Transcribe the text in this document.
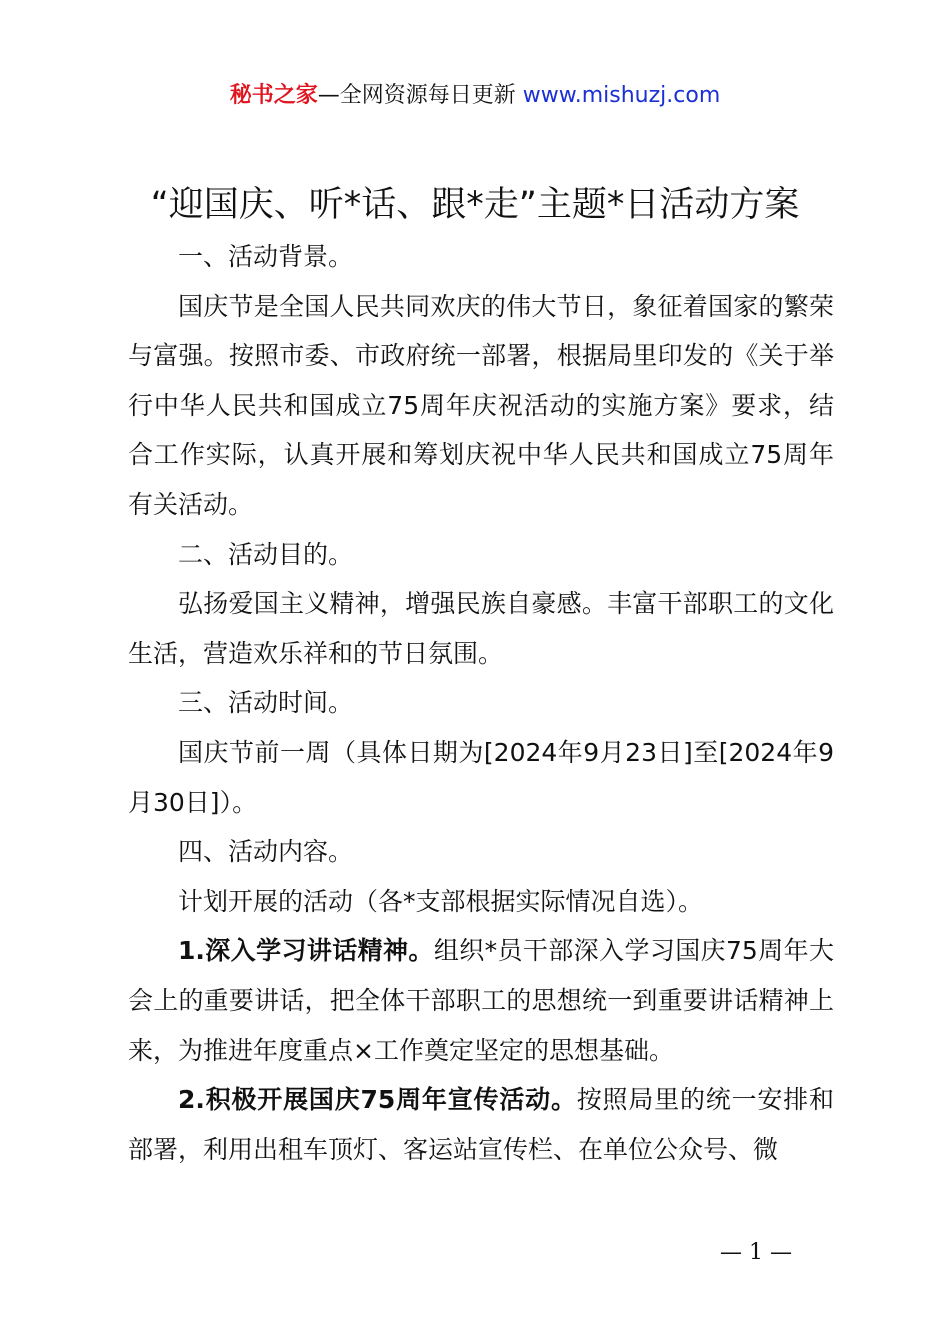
秘书之家—全网资源每日更新 www.mishuzj.com
“迎国庆、听*话、跟*走”主题*日活动方案

一、活动背景。

国庆节是全国人民共同欢庆的伟大节日，象征着国家的繁荣与富强。按照市委、市政府统一部署，根据局里印发的《关于举行中华人民共和国成立75周年庆祝活动的实施方案》要求，结合工作实际，认真开展和筹划庆祝中华人民共和国成立75周年有关活动。

二、活动目的。

弘扬爱国主义精神，增强民族自豪感。丰富干部职工的文化生活，营造欢乐祥和的节日氛围。

三、活动时间。

国庆节前一周（具体日期为[2024年9月23日]至[2024年9月30日]）。

四、活动内容。

计划开展的活动（各*支部根据实际情况自选）。

1.深入学习讲话精神。组织*员干部深入学习国庆75周年大会上的重要讲话，把全体干部职工的思想统一到重要讲话精神上来，为推进年度重点×工作奠定坚定的思想基础。

2.积极开展国庆75周年宣传活动。按照局里的统一安排和部署，利用出租车顶灯、客运站宣传栏、在单位公众号、微

— 1 —
